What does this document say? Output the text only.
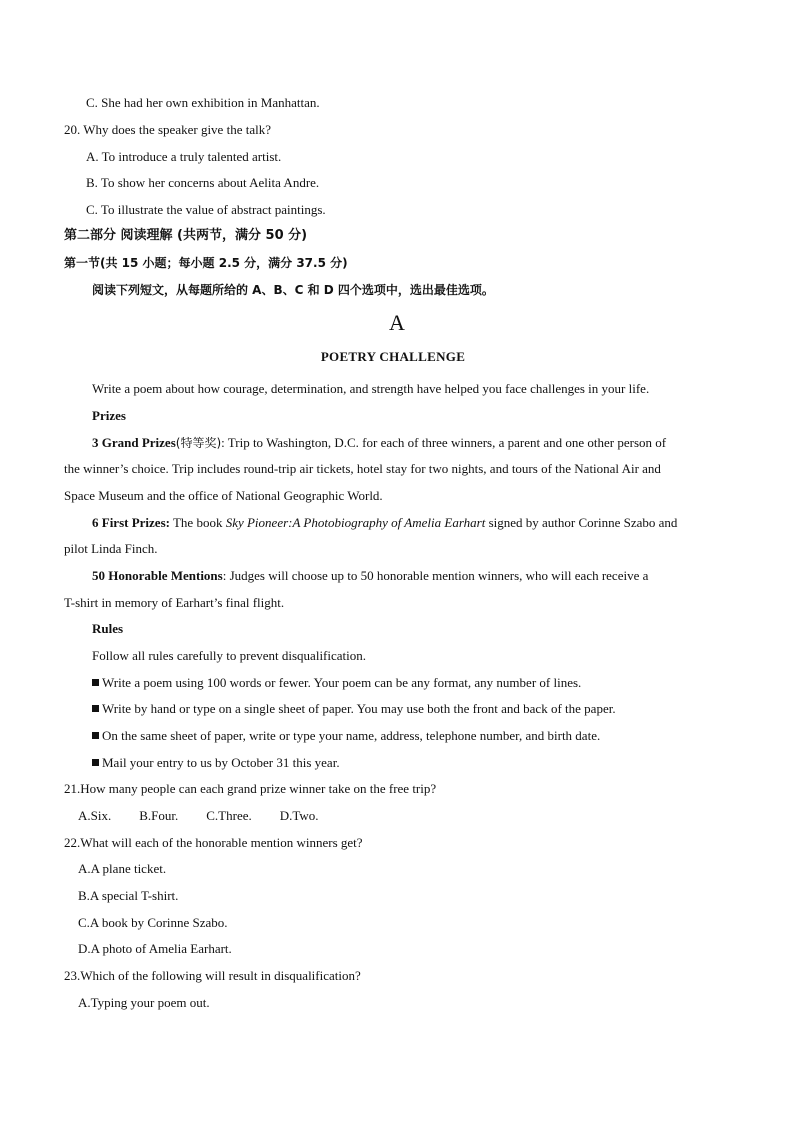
C. She had her own exhibition in Manhattan.
20. Why does the speaker give the talk?
A. To introduce a truly talented artist.
B. To show her concerns about Aelita Andre.
C. To illustrate the value of abstract paintings.
第二部分 阅读理解 (共两节，满分 50 分)
第一节(共 15 小题；每小题 2.5 分，满分 37.5 分)
阅读下列短文，从每题所给的 A、B、C 和 D 四个选项中，选出最佳选项。
A
POETRY CHALLENGE
Write a poem about how courage, determination, and strength have helped you face challenges in your life.
Prizes
3 Grand Prizes(特等奖): Trip to Washington, D.C. for each of three winners, a parent and one other person of
the winner’s choice. Trip includes round-trip air tickets, hotel stay for two nights, and tours of the National Air and
Space Museum and the office of National Geographic World.
6 First Prizes: The book Sky Pioneer:A Photobiography of Amelia Earhart signed by author Corinne Szabo and
pilot Linda Finch.
50 Honorable Mentions: Judges will choose up to 50 honorable mention winners, who will each receive a
T-shirt in memory of Earhart’s final flight.
Rules
Follow all rules carefully to prevent disqualification.
Write a poem using 100 words or fewer. Your poem can be any format, any number of lines.
Write by hand or type on a single sheet of paper. You may use both the front and back of the paper.
On the same sheet of paper, write or type your name, address, telephone number, and birth date.
Mail your entry to us by October 31 this year.
21.How many people can each grand prize winner take on the free trip?
A.Six. B.Four. C.Three. D.Two.
22.What will each of the honorable mention winners get?
A.A plane ticket.
B.A special T-shirt.
C.A book by Corinne Szabo.
D.A photo of Amelia Earhart.
23.Which of the following will result in disqualification?
A.Typing your poem out.
